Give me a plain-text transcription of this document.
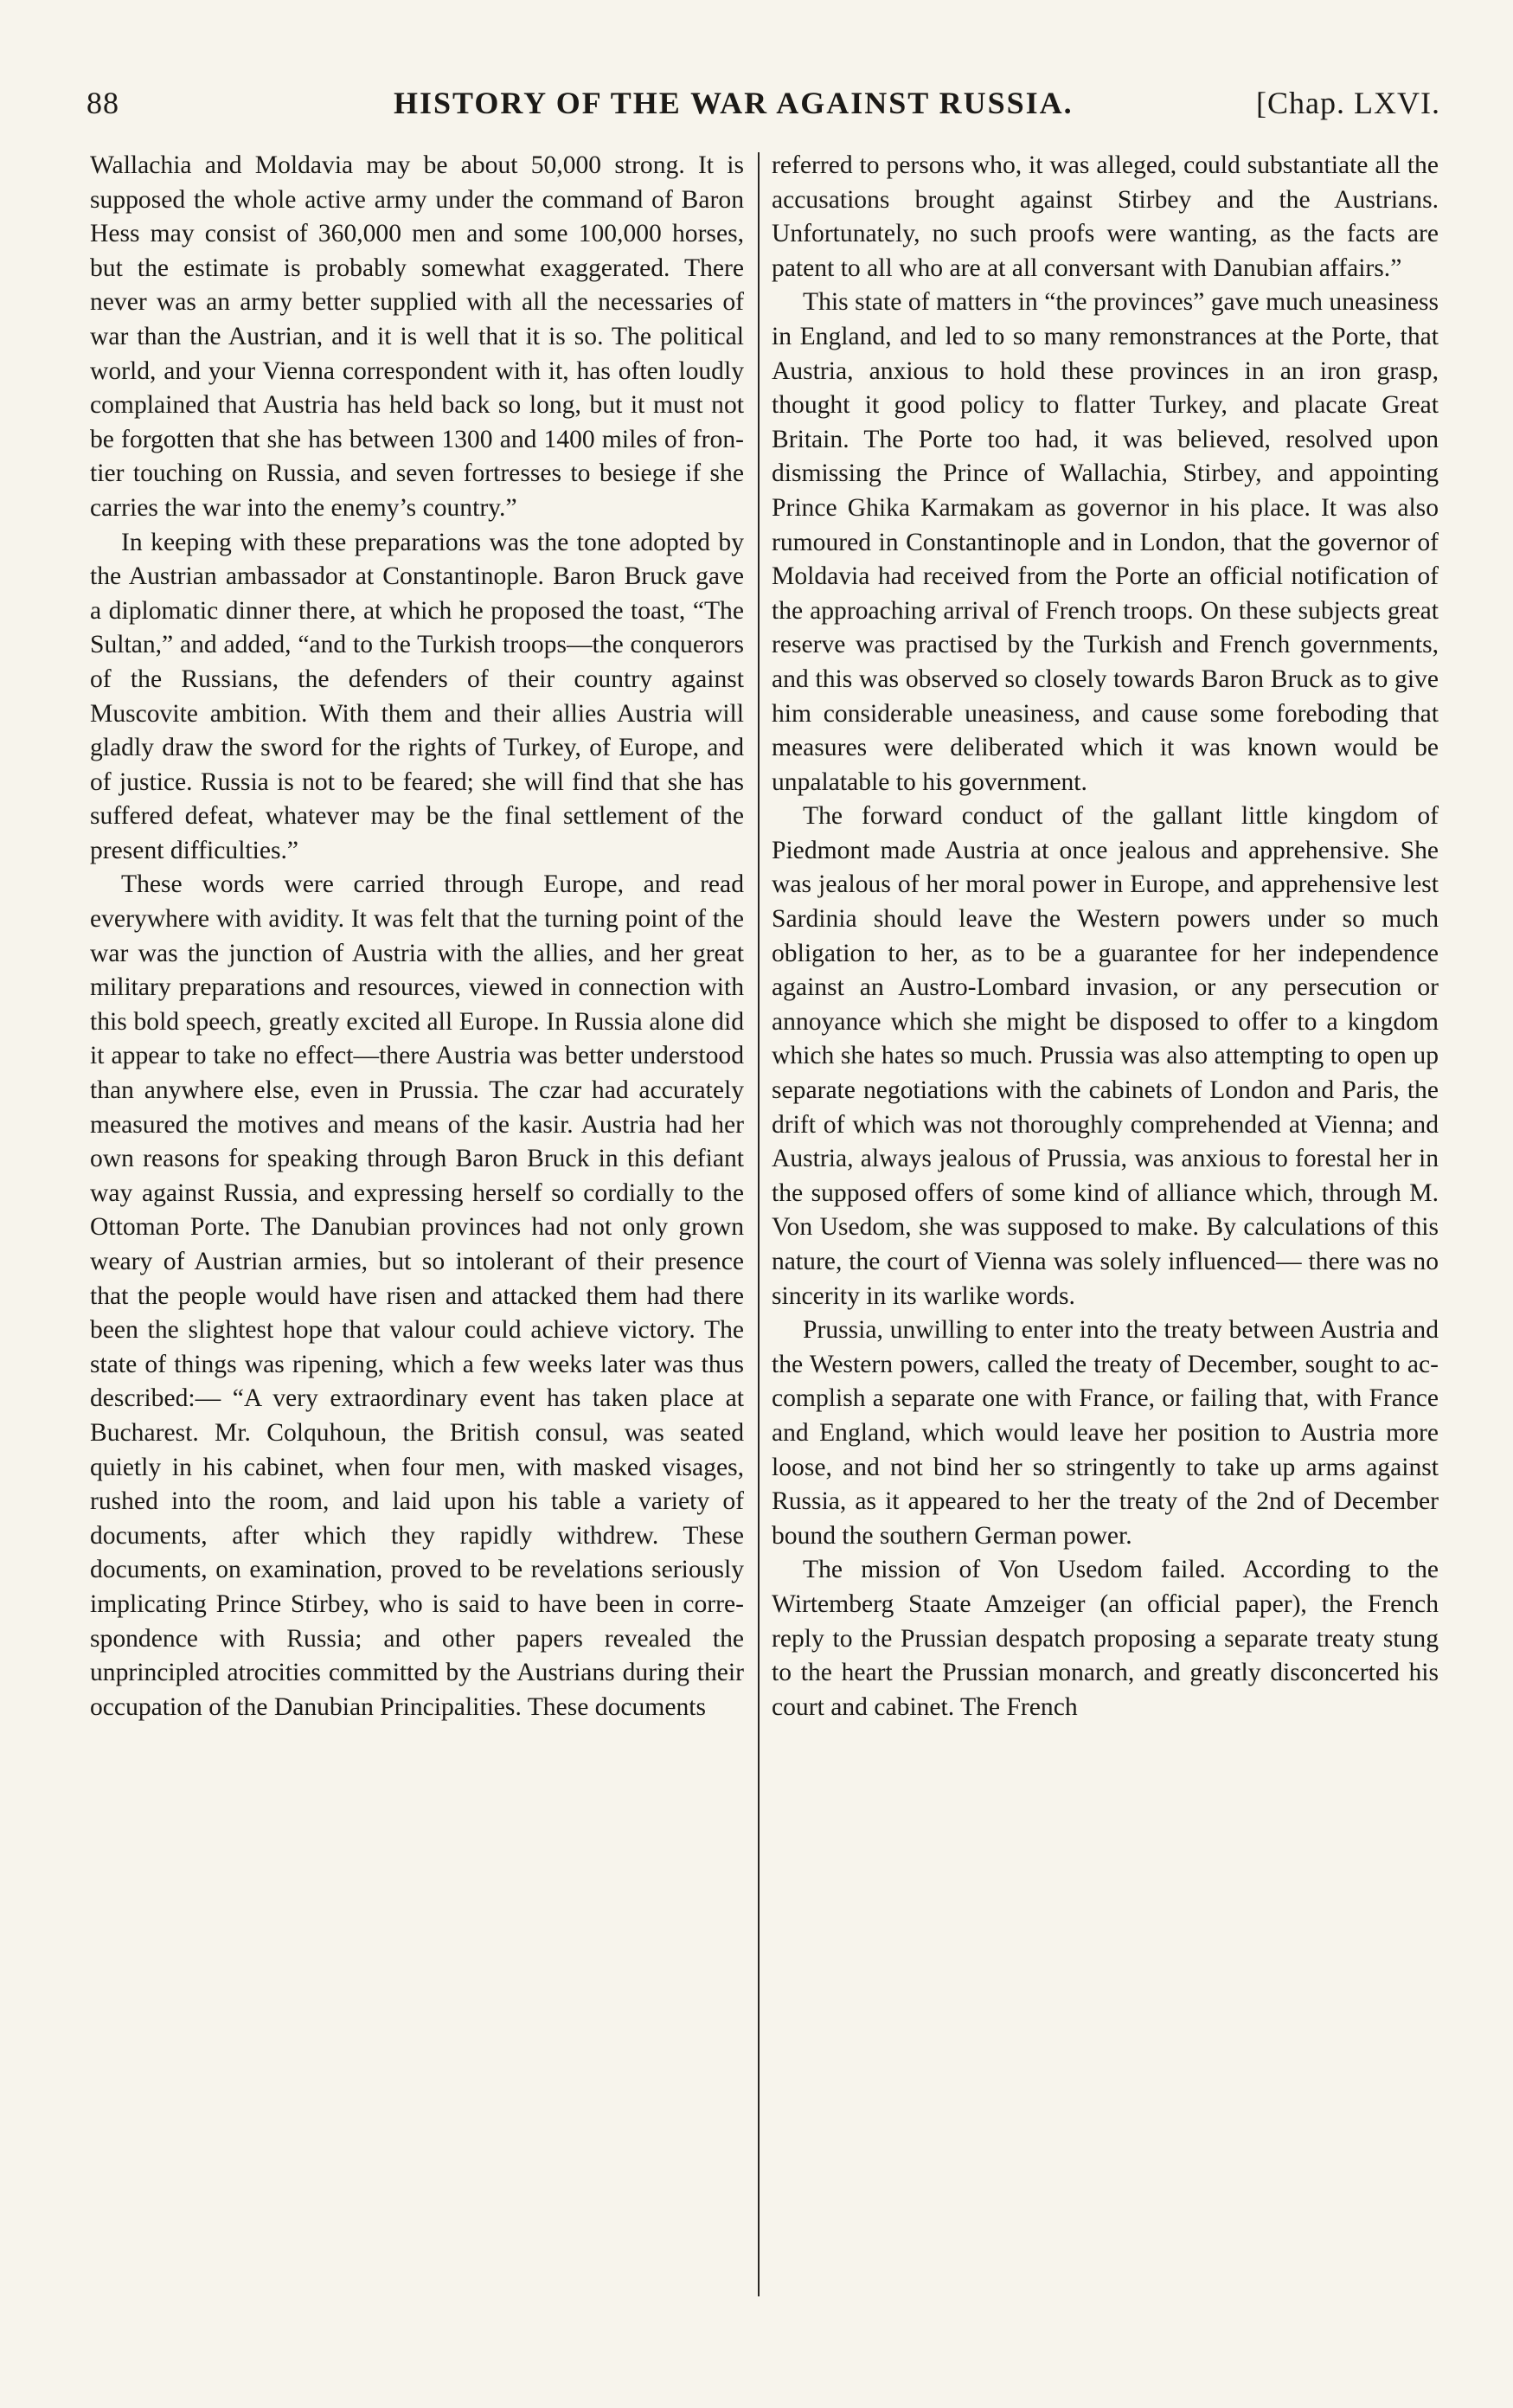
88	HISTORY OF THE WAR AGAINST RUSSIA.	[Chap. LXVI.

Wallachia and Moldavia may be about 50,000 strong. It is supposed the whole active army under the command of Baron Hess may consist of 360,000 men and some 100,000 horses, but the estimate is probably somewhat exaggerated. There never was an army better supplied with all the necessaries of war than the Austrian, and it is well that it is so. The political world, and your Vienna correspondent with it, has often loudly complained that Austria has held back so long, but it must not be forgotten that she has between 1300 and 1400 miles of frontier touching on Russia, and seven fortresses to besiege if she carries the war into the enemy’s country.”

In keeping with these preparations was the tone adopted by the Austrian ambassador at Constantinople. Baron Bruck gave a diplomatic dinner there, at which he proposed the toast, “The Sultan,” and added, “and to the Turkish troops—the conquerors of the Russians, the defenders of their country against Muscovite ambition. With them and their allies Austria will gladly draw the sword for the rights of Turkey, of Europe, and of justice. Russia is not to be feared; she will find that she has suffered defeat, whatever may be the final settlement of the present difficulties.”

These words were carried through Europe, and read everywhere with avidity. It was felt that the turning point of the war was the junction of Austria with the allies, and her great military preparations and resources, viewed in connection with this bold speech, greatly excited all Europe. In Russia alone did it appear to take no effect—there Austria was better understood than anywhere else, even in Prussia. The czar had accurately measured the motives and means of the kasir. Austria had her own reasons for speaking through Baron Bruck in this defiant way against Russia, and expressing herself so cordially to the Ottoman Porte. The Danubian provinces had not only grown weary of Austrian armies, but so intolerant of their presence that the people would have risen and attacked them had there been the slightest hope that valour could achieve victory. The state of things was ripening, which a few weeks later was thus described:— “A very extraordinary event has taken place at Bucharest. Mr. Colquhoun, the British consul, was seated quietly in his cabinet, when four men, with masked visages, rushed into the room, and laid upon his table a variety of documents, after which they rapidly withdrew. These documents, on examination, proved to be revelations seriously implicating Prince Stirbey, who is said to have been in correspondence with Russia; and other papers revealed the unprincipled atrocities committed by the Austrians during their occupation of the Danubian Principalities. These documents

referred to persons who, it was alleged, could substantiate all the accusations brought against Stirbey and the Austrians. Unfortunately, no such proofs were wanting, as the facts are patent to all who are at all conversant with Danubian affairs.”

This state of matters in “the provinces” gave much uneasiness in England, and led to so many remonstrances at the Porte, that Austria, anxious to hold these provinces in an iron grasp, thought it good policy to flatter Turkey, and placate Great Britain. The Porte too had, it was believed, resolved upon dismissing the Prince of Wallachia, Stirbey, and appointing Prince Ghika Karmakam as governor in his place. It was also rumoured in Constantinople and in London, that the governor of Moldavia had received from the Porte an official notification of the approaching arrival of French troops. On these subjects great reserve was practised by the Turkish and French governments, and this was observed so closely towards Baron Bruck as to give him considerable uneasiness, and cause some foreboding that measures were deliberated which it was known would be unpalatable to his government.

The forward conduct of the gallant little kingdom of Piedmont made Austria at once jealous and apprehensive. She was jealous of her moral power in Europe, and apprehensive lest Sardinia should leave the Western powers under so much obligation to her, as to be a guarantee for her independence against an Austro-Lombard invasion, or any persecution or annoyance which she might be disposed to offer to a kingdom which she hates so much. Prussia was also attempting to open up separate negotiations with the cabinets of London and Paris, the drift of which was not thoroughly comprehended at Vienna; and Austria, always jealous of Prussia, was anxious to forestal her in the supposed offers of some kind of alliance which, through M. Von Usedom, she was supposed to make. By calculations of this nature, the court of Vienna was solely influenced— there was no sincerity in its warlike words.

Prussia, unwilling to enter into the treaty between Austria and the Western powers, called the treaty of December, sought to accomplish a separate one with France, or failing that, with France and England, which would leave her position to Austria more loose, and not bind her so stringently to take up arms against Russia, as it appeared to her the treaty of the 2nd of December bound the southern German power.

The mission of Von Usedom failed. According to the Wirtemberg Staate Amzeiger (an official paper), the French reply to the Prussian despatch proposing a separate treaty stung to the heart the Prussian monarch, and greatly disconcerted his court and cabinet. The French
